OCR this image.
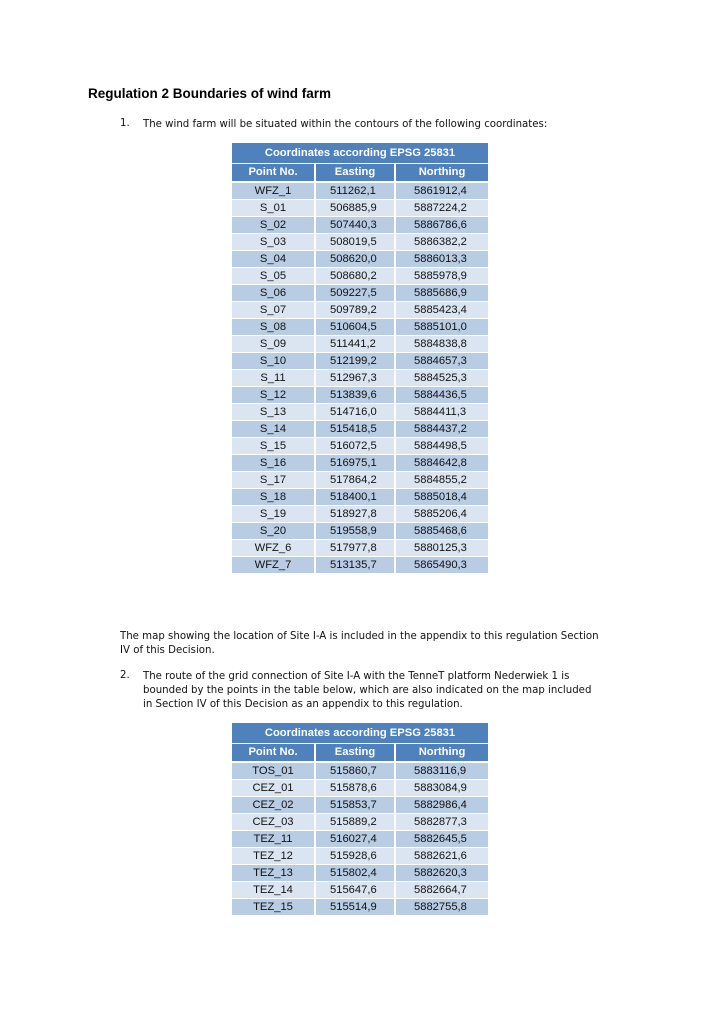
Regulation 2 Boundaries of wind farm
1. The wind farm will be situated within the contours of the following coordinates:
Coordinates according EPSG 25831		
Point No.	Easting	Northing
WFZ_1	511262,1	5861912,4
S_01	506885,9	5887224,2
S_02	507440,3	5886786,6
S_03	508019,5	5886382,2
S_04	508620,0	5886013,3
S_05	508680,2	5885978,9
S_06	509227,5	5885686,9
S_07	509789,2	5885423,4
S_08	510604,5	5885101,0
S_09	511441,2	5884838,8
S_10	512199,2	5884657,3
S_11	512967,3	5884525,3
S_12	513839,6	5884436,5
S_13	514716,0	5884411,3
S_14	515418,5	5884437,2
S_15	516072,5	5884498,5
S_16	516975,1	5884642,8
S_17	517864,2	5884855,2
S_18	518400,1	5885018,4
S_19	518927,8	5885206,4
S_20	519558,9	5885468,6
WFZ_6	517977,8	5880125,3
WFZ_7	513135,7	5865490,3
The map showing the location of Site I-A is included in the appendix to this regulation Section
IV of this Decision.
2. The route of the grid connection of Site I-A with the TenneT platform Nederwiek 1 is
bounded by the points in the table below, which are also indicated on the map included
in Section IV of this Decision as an appendix to this regulation.
Coordinates according EPSG 25831		
Point No.	Easting	Northing
TOS_01	515860,7	5883116,9
CEZ_01	515878,6	5883084,9
CEZ_02	515853,7	5882986,4
CEZ_03	515889,2	5882877,3
TEZ_11	516027,4	5882645,5
TEZ_12	515928,6	5882621,6
TEZ_13	515802,4	5882620,3
TEZ_14	515647,6	5882664,7
TEZ_15	515514,9	5882755,8
